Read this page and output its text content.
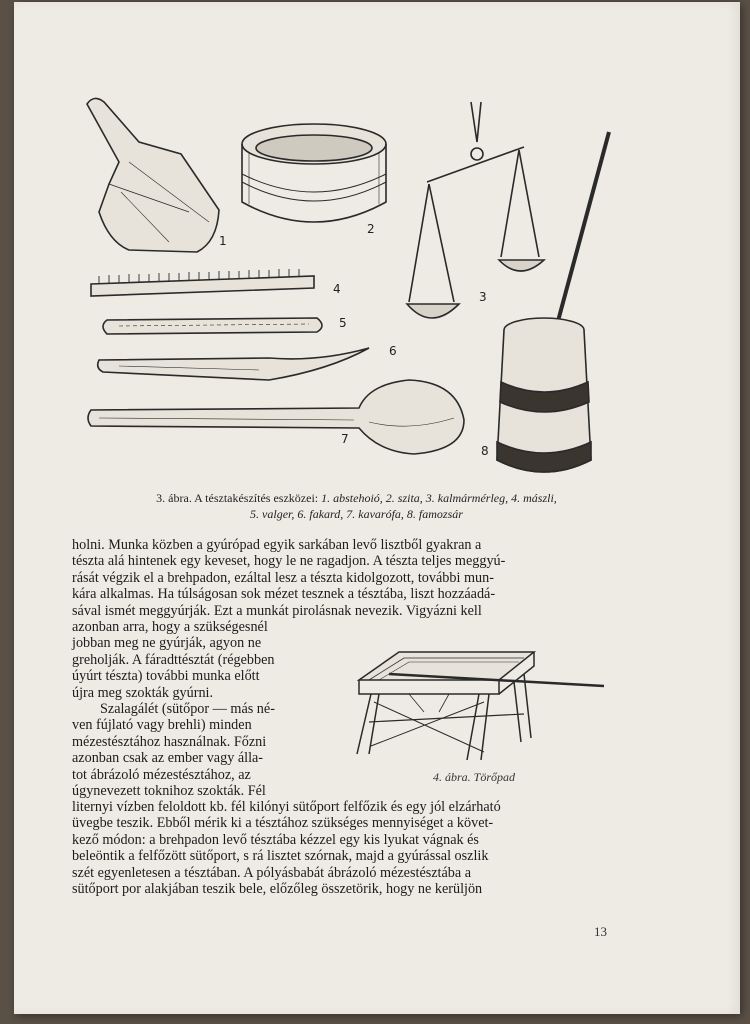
1
2
3
4
5
6
7
8
3. ábra. A tésztakészítés eszközei: 1. abstehoió, 2. szita, 3. kalmármérleg, 4. mászli,
5. valger, 6. fakard, 7. kavarófa, 8. famozsár
holni. Munka közben a gyúrópad egyik sarkában levő lisztből gyakran a
tészta alá hintenek egy keveset, hogy le ne ragadjon. A tészta teljes meggyú-
rását végzik el a brehpadon, ezáltal lesz a tészta kidolgozott, további mun-
kára alkalmas. Ha túlságosan sok mézet tesznek a tésztába, liszt hozzáadá-
sával ismét meggyúrják. Ezt a munkát pirolásnak nevezik. Vigyázni kell
azonban arra, hogy a szükségesnél
jobban meg ne gyúrják, agyon ne
greholják. A fáradttésztát (régebben
úyúrt tészta) további munka előtt
újra meg szokták gyúrni.
Szalagálét (sütőpor — más né-
ven fújlató vagy brehli) minden
mézestésztához használnak. Főzni
azonban csak az ember vagy álla-
tot ábrázoló mézestésztához, az
úgynevezett toknihoz szokták. Fél
4. ábra. Törőpad
liternyi vízben feloldott kb. fél kilónyi sütőport felfőzik és egy jól elzárható
üvegbe teszik. Ebből mérik ki a tésztához szükséges mennyiséget a követ-
kező módon: a brehpadon levő tésztába kézzel egy kis lyukat vágnak és
beleöntik a felfőzött sütőport, s rá lisztet szórnak, majd a gyúrással oszlik
szét egyenletesen a tésztában. A pólyásbabát ábrázoló mézestésztába a
sütőport por alakjában teszik bele, előzőleg összetörik, hogy ne kerüljön
13
